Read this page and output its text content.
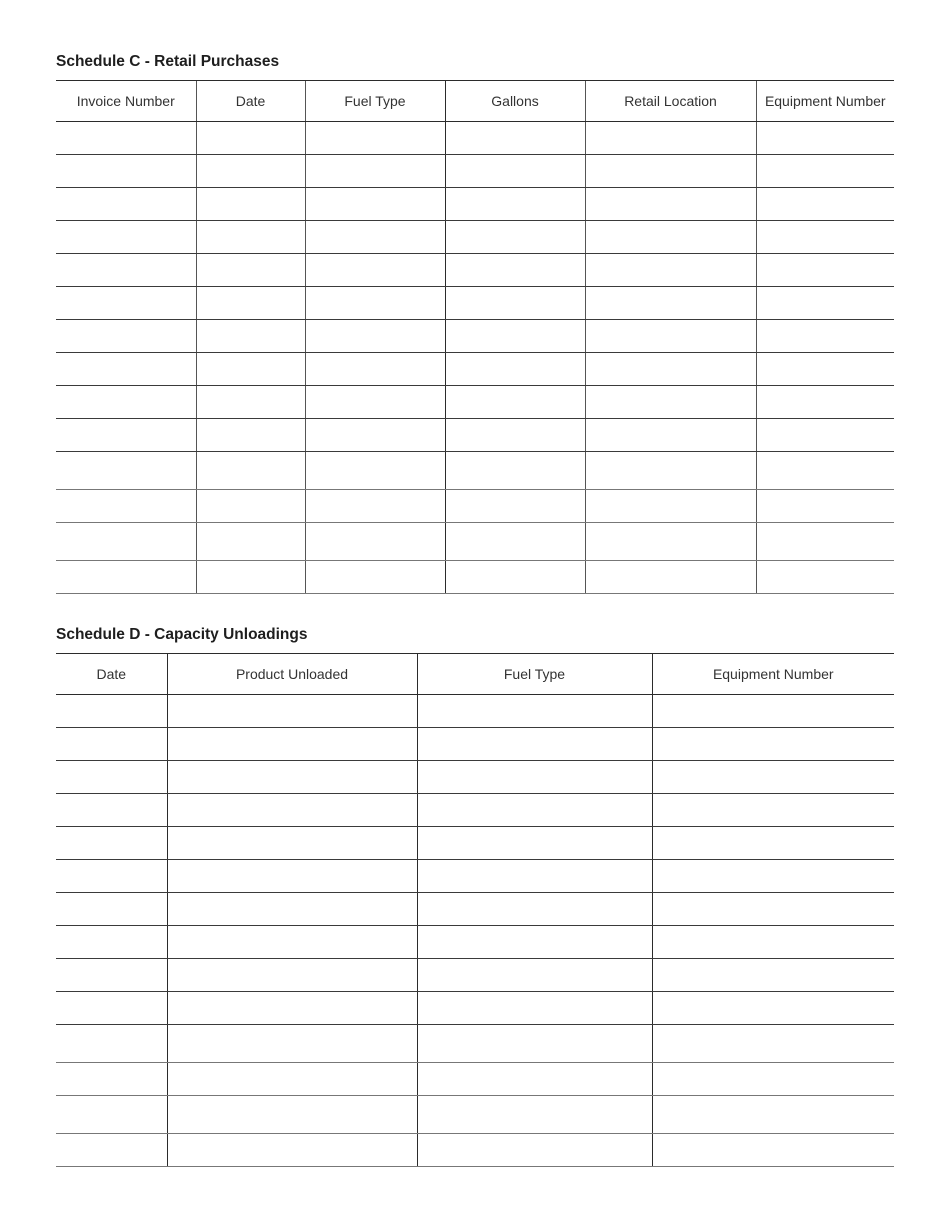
Schedule C - Retail Purchases
Invoice Number	Date	Fuel Type	Gallons	Retail Location	Equipment Number

Schedule D - Capacity Unloadings
Date	Product Unloaded	Fuel Type	Equipment Number
